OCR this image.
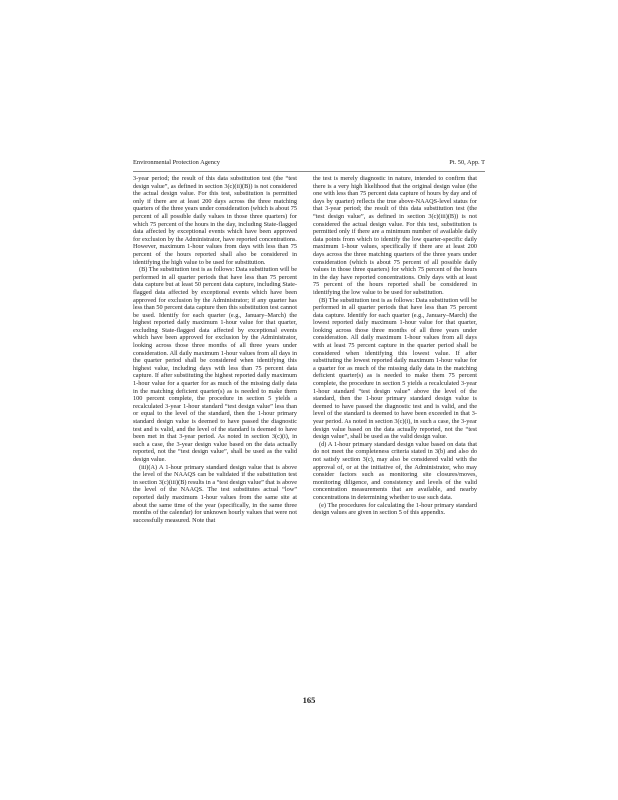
Environmental Protection Agency	Pt. 50, App. T

3-year period; the result of this data substitution test (the “test design value”, as defined in section 3(c)(ii)(B)) is not considered the actual design value. For this test, substitution is permitted only if there are at least 200 days across the three matching quarters of the three years under consideration (which is about 75 percent of all possible daily values in those three quarters) for which 75 percent of the hours in the day, including State-flagged data affected by exceptional events which have been approved for exclusion by the Administrator, have reported concentrations. However, maximum 1-hour values from days with less than 75 percent of the hours reported shall also be considered in identifying the high value to be used for substitution.

(B) The substitution test is as follows: Data substitution will be performed in all quarter periods that have less than 75 percent data capture but at least 50 percent data capture, including State-flagged data affected by exceptional events which have been approved for exclusion by the Administrator; if any quarter has less than 50 percent data capture then this substitution test cannot be used. Identify for each quarter (e.g., January–March) the highest reported daily maximum 1-hour value for that quarter, excluding State-flagged data affected by exceptional events which have been approved for exclusion by the Administrator, looking across those three months of all three years under consideration. All daily maximum 1-hour values from all days in the quarter period shall be considered when identifying this highest value, including days with less than 75 percent data capture. If after substituting the highest reported daily maximum 1-hour value for a quarter for as much of the missing daily data in the matching deficient quarter(s) as is needed to make them 100 percent complete, the procedure in section 5 yields a recalculated 3-year 1-hour standard “test design value” less than or equal to the level of the standard, then the 1-hour primary standard design value is deemed to have passed the diagnostic test and is valid, and the level of the standard is deemed to have been met in that 3-year period. As noted in section 3(c)(i), in such a case, the 3-year design value based on the data actually reported, not the “test design value”, shall be used as the valid design value.

(iii)(A) A 1-hour primary standard design value that is above the level of the NAAQS can be validated if the substitution test in section 3(c)(iii)(B) results in a “test design value” that is above the level of the NAAQS. The test substitutes actual “low” reported daily maximum 1-hour values from the same site at about the same time of the year (specifically, in the same three months of the calendar) for unknown hourly values that were not successfully measured. Note that

the test is merely diagnostic in nature, intended to confirm that there is a very high likelihood that the original design value (the one with less than 75 percent data capture of hours by day and of days by quarter) reflects the true above-NAAQS-level status for that 3-year period; the result of this data substitution test (the “test design value”, as defined in section 3(c)(iii)(B)) is not considered the actual design value. For this test, substitution is permitted only if there are a minimum number of available daily data points from which to identify the low quarter-specific daily maximum 1-hour values, specifically if there are at least 200 days across the three matching quarters of the three years under consideration (which is about 75 percent of all possible daily values in those three quarters) for which 75 percent of the hours in the day have reported concentrations. Only days with at least 75 percent of the hours reported shall be considered in identifying the low value to be used for substitution.

(B) The substitution test is as follows: Data substitution will be performed in all quarter periods that have less than 75 percent data capture. Identify for each quarter (e.g., January–March) the lowest reported daily maximum 1-hour value for that quarter, looking across those three months of all three years under consideration. All daily maximum 1-hour values from all days with at least 75 percent capture in the quarter period shall be considered when identifying this lowest value. If after substituting the lowest reported daily maximum 1-hour value for a quarter for as much of the missing daily data in the matching deficient quarter(s) as is needed to make them 75 percent complete, the procedure in section 5 yields a recalculated 3-year 1-hour standard “test design value” above the level of the standard, then the 1-hour primary standard design value is deemed to have passed the diagnostic test and is valid, and the level of the standard is deemed to have been exceeded in that 3-year period. As noted in section 3(c)(i), in such a case, the 3-year design value based on the data actually reported, not the “test design value”, shall be used as the valid design value.

(d) A 1-hour primary standard design value based on data that do not meet the completeness criteria stated in 3(b) and also do not satisfy section 3(c), may also be considered valid with the approval of, or at the initiative of, the Administrator, who may consider factors such as monitoring site closures/moves, monitoring diligence, and consistency and levels of the valid concentration measurements that are available, and nearby concentrations in determining whether to use such data.

(e) The procedures for calculating the 1-hour primary standard design values are given in section 5 of this appendix.

165
